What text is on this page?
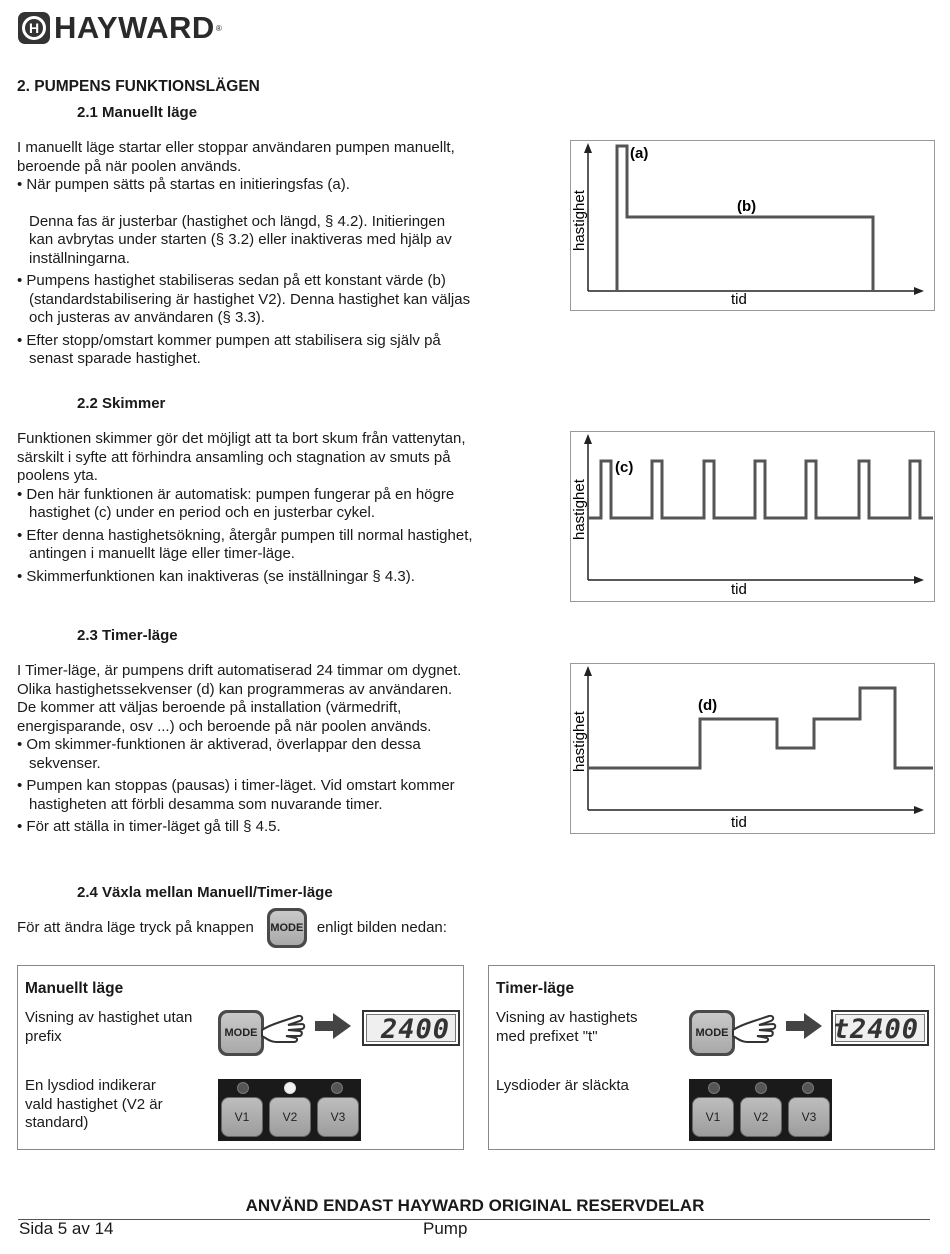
H HAYWARD ®
2. PUMPENS FUNKTIONSLÄGEN
2.1 Manuellt läge
I manuellt läge startar eller stoppar användaren pumpen manuellt,
beroende på när poolen används.
• När pumpen sätts på startas en initieringsfas (a).
Denna fas är justerbar (hastighet och längd, § 4.2). Initieringen
kan avbrytas under starten (§ 3.2) eller inaktiveras med hjälp av
inställningarna.
• Pumpens hastighet stabiliseras sedan på ett konstant värde (b)
(standardstabilisering är hastighet V2). Denna hastighet kan väljas
och justeras av användaren (§ 3.3).
• Efter stopp/omstart kommer pumpen att stabilisera sig själv på
senast sparade hastighet.
(a)
(b)
tid
hastighet
2.2 Skimmer
Funktionen skimmer gör det möjligt att ta bort skum från vattenytan,
särskilt i syfte att förhindra ansamling och stagnation av smuts på
poolens yta.
• Den här funktionen är automatisk: pumpen fungerar på en högre
hastighet (c) under en period och en justerbar cykel.
• Efter denna hastighetsökning, återgår pumpen till normal hastighet,
antingen i manuellt läge eller timer-läge.
• Skimmerfunktionen kan inaktiveras (se inställningar § 4.3).
(c)
tid
hastighet
2.3 Timer-läge
I Timer-läge, är pumpens drift automatiserad 24 timmar om dygnet.
Olika hastighetssekvenser (d) kan programmeras av användaren.
De kommer att väljas beroende på installation (värmedrift,
energisparande, osv ...) och beroende på när poolen används.
• Om skimmer-funktionen är aktiverad, överlappar den dessa
sekvenser.
• Pumpen kan stoppas (pausas) i timer-läget. Vid omstart kommer
hastigheten att förbli desamma som nuvarande timer.
• För att ställa in timer-läget gå till § 4.5.
(d)
tid
hastighet
2.4 Växla mellan Manuell/Timer-läge
För att ändra läge tryck på knappen MODE enligt bilden nedan:
Manuellt läge
Visning av hastighet utan
prefix	MODE	2400
En lysdiod indikerar
vald hastighet (V2 är
standard)	V1	V2	V3
Timer-läge
Visning av hastighets
med prefixet "t"	MODE	t2400
Lysdioder är släckta
V1	V2	V3
ANVÄND ENDAST HAYWARD ORIGINAL RESERVDELAR
Sida 5 av 14	Pump
